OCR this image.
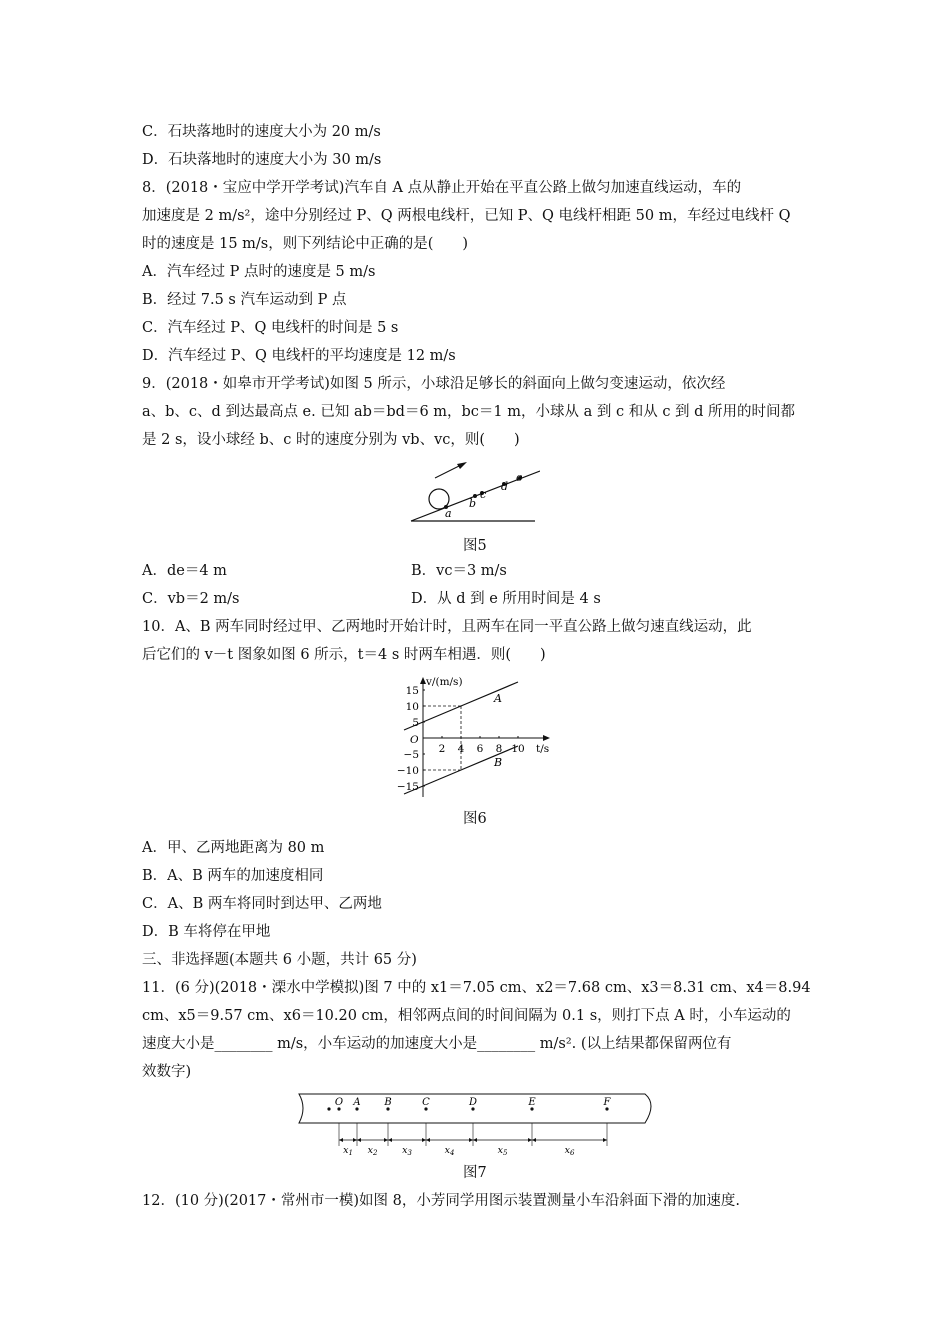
C．石块落地时的速度大小为 20 m/s
D．石块落地时的速度大小为 30 m/s
8．(2018・宝应中学开学考试)汽车自 A 点从静止开始在平直公路上做匀加速直线运动，车的
加速度是 2 m/s²，途中分别经过 P、Q 两根电线杆，已知 P、Q 电线杆相距 50 m，车经过电线杆 Q
时的速度是 15 m/s，则下列结论中正确的是(　　)
A．汽车经过 P 点时的速度是 5 m/s
B．经过 7.5 s 汽车运动到 P 点
C．汽车经过 P、Q 电线杆的时间是 5 s
D．汽车经过 P、Q 电线杆的平均速度是 12 m/s
9．(2018・如皋市开学考试)如图 5 所示，小球沿足够长的斜面向上做匀变速运动，依次经
a、b、c、d 到达最高点 e. 已知 ab＝bd＝6 m，bc＝1 m，小球从 a 到 c 和从 c 到 d 所用的时间都
是 2 s，设小球经 b、c 时的速度分别为 vb、vc，则(　　)
a
b
c
d
e
图5
A．de＝4 m	B．vc＝3 m/s
C．vb＝2 m/s	D．从 d 到 e 所用时间是 4 s
10．A、B 两车同时经过甲、乙两地时开始计时，且两车在同一平直公路上做匀速直线运动，此
后它们的 v－t 图象如图 6 所示，t＝4 s 时两车相遇．则(　　)
v/(m/s)
t/s
O
2 4 6 8 10
15
10
5
−5
−10
−15
A
B
图6
A．甲、乙两地距离为 80 m
B．A、B 两车的加速度相同
C．A、B 两车将同时到达甲、乙两地
D．B 车将停在甲地
三、非选择题(本题共 6 小题，共计 65 分)
11．(6 分)(2018・溧水中学模拟)图 7 中的 x1＝7.05 cm、x2＝7.68 cm、x3＝8.31 cm、x4＝8.94
cm、x5＝9.57 cm、x6＝10.20 cm，相邻两点间的时间间隔为 0.1 s，则打下点 A 时，小车运动的
速度大小是________ m/s，小车运动的加速度大小是________ m/s². (以上结果都保留两位有
效数字)
O A B	C	D	E	F
$x_1$ $x_2$	$x_3$	$x_4$	$x_5$	$x_6$
图7
12．(10 分)(2017・常州市一模)如图 8，小芳同学用图示装置测量小车沿斜面下滑的加速度.
